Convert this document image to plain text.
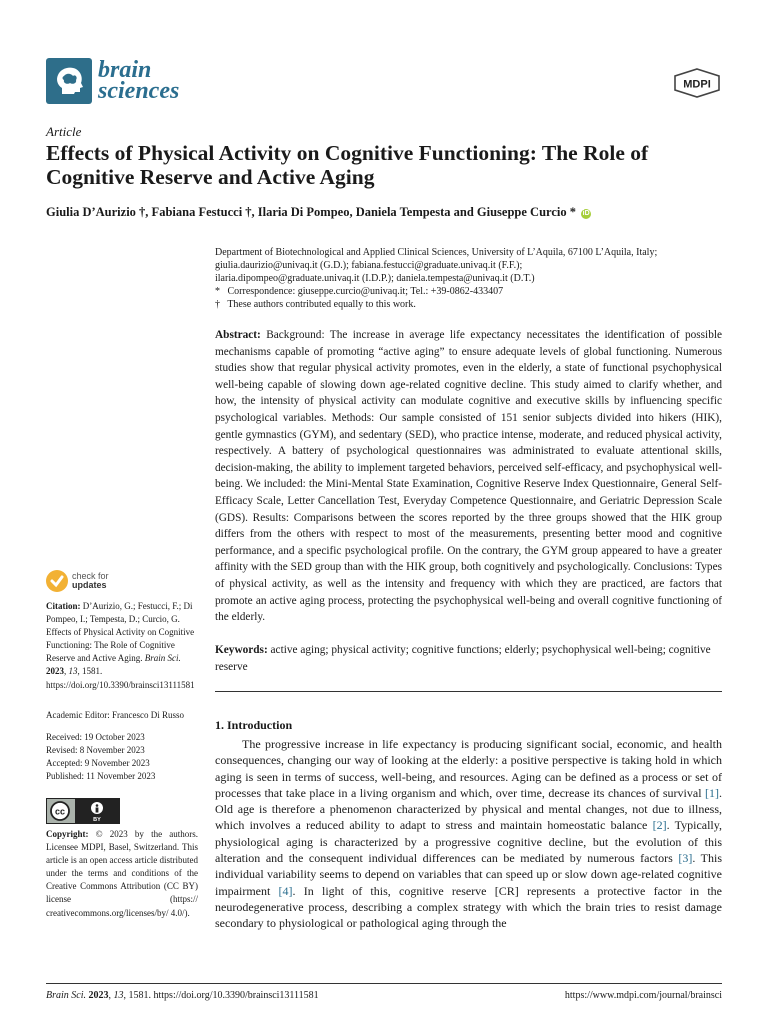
brain
sciences	MDPI
Article
Effects of Physical Activity on Cognitive Functioning: The Role of Cognitive Reserve and Active Aging
Giulia D’Aurizio †, Fabiana Festucci †, Ilaria Di Pompeo, Daniela Tempesta and Giuseppe Curcio * iD
Department of Biotechnological and Applied Clinical Sciences, University of L’Aquila, 67100 L’Aquila, Italy;
giulia.daurizio@univaq.it (G.D.); fabiana.festucci@graduate.univaq.it (F.F.);
ilaria.dipompeo@graduate.univaq.it (I.D.P.); daniela.tempesta@univaq.it (D.T.)
*   Correspondence: giuseppe.curcio@univaq.it; Tel.: +39-0862-433407
†   These authors contributed equally to this work.
Abstract: Background: The increase in average life expectancy necessitates the identification of possible mechanisms capable of promoting “active aging” to ensure adequate levels of global functioning. Numerous studies show that regular physical activity promotes, even in the elderly, a state of functional psychophysical well-being capable of slowing down age-related cognitive decline. This study aimed to clarify whether, and how, the intensity of physical activity can modulate cognitive and executive skills by influencing specific psychological variables. Methods: Our sample consisted of 151 senior subjects divided into hikers (HIK), gentle gymnastics (GYM), and sedentary (SED), who practice intense, moderate, and reduced physical activity, respectively. A battery of psychological questionnaires was administrated to evaluate attentional skills, decision-making, the ability to implement targeted behaviors, perceived self-efficacy, and psychophysical well-being. We included: the Mini-Mental State Examination, Cognitive Reserve Index Questionnaire, General Self-Efficacy Scale, Letter Cancellation Test, Everyday Competence Questionnaire, and Geriatric Depression Scale (GDS). Results: Comparisons between the scores reported by the three groups showed that the HIK group differs from the others with respect to most of the measurements, presenting better mood and cognitive performance, and a specific psychological profile. On the contrary, the GYM group appeared to have a greater affinity with the SED group than with the HIK group, both cognitively and psychologically. Conclusions: Types of physical activity, as well as the intensity and frequency with which they are practiced, are factors that promote an active aging process, protecting the psychophysical well-being and overall cognitive functioning of the elderly.
Keywords: active aging; physical activity; cognitive functions; elderly; psychophysical well-being; cognitive reserve
1. Introduction
The progressive increase in life expectancy is producing significant social, economic, and health consequences, changing our way of looking at the elderly: a positive perspective is taking hold in which aging is seen in terms of success, well-being, and resources. Aging can be defined as a process or set of processes that take place in a living organism and which, over time, decrease its chances of survival [1]. Old age is therefore a phenomenon characterized by physical and mental changes, not due to illness, which involves a reduced ability to adapt to stress and maintain homeostatic balance [2]. Typically, physiological aging is characterized by a progressive cognitive decline, but the evolution of this alteration and the consequent individual differences can be mediated by numerous factors [3]. This individual variability seems to depend on variables that can speed up or slow down age-related cognitive impairment [4]. In light of this, cognitive reserve [CR] represents a protective factor in the neurodegenerative process, describing a complex strategy with which the brain tries to resist damage secondary to physiological or pathological aging through the
check for
updates
Citation: D’Aurizio, G.; Festucci, F.; Di Pompeo, I.; Tempesta, D.; Curcio, G. Effects of Physical Activity on Cognitive Functioning: The Role of Cognitive Reserve and Active Aging. Brain Sci. 2023, 13, 1581. https://doi.org/10.3390/brainsci13111581
Academic Editor: Francesco Di Russo
Received: 19 October 2023
Revised: 8 November 2023
Accepted: 9 November 2023
Published: 11 November 2023
cc
BY
Copyright: © 2023 by the authors. Licensee MDPI, Basel, Switzerland. This article is an open access article distributed under the terms and conditions of the Creative Commons Attribution (CC BY) license (https:// creativecommons.org/licenses/by/ 4.0/).
Brain Sci. 2023, 13, 1581. https://doi.org/10.3390/brainsci13111581	https://www.mdpi.com/journal/brainsci
